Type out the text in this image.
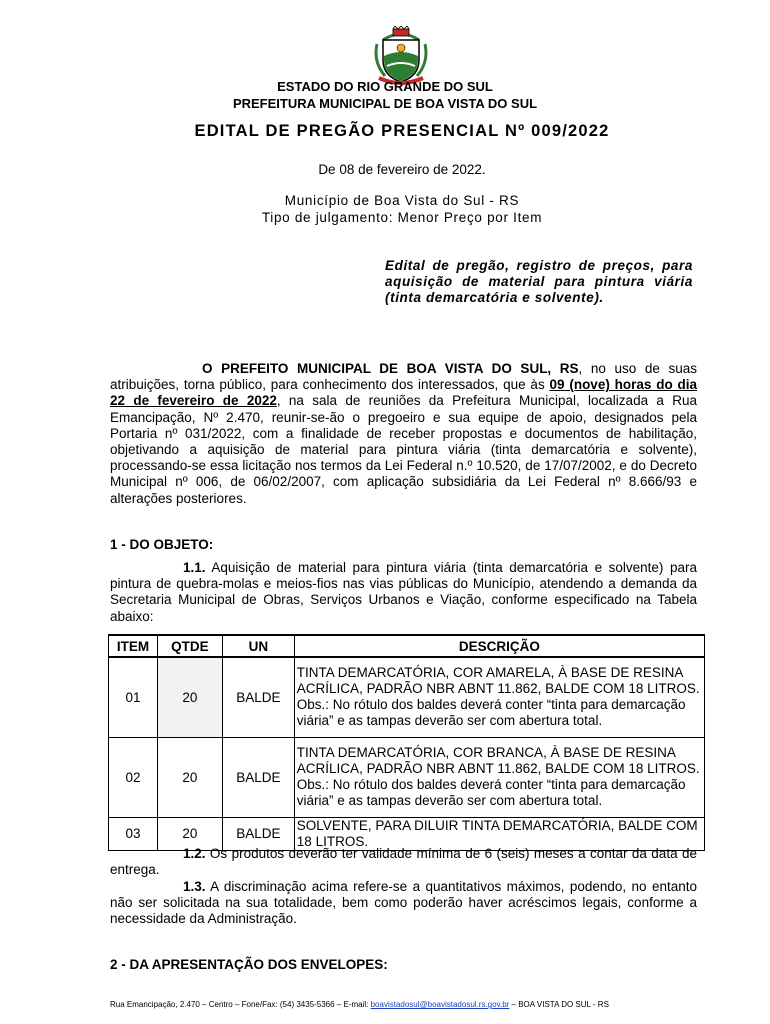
ESTADO DO RIO GRANDE DO SUL
PREFEITURA MUNICIPAL DE BOA VISTA DO SUL
EDITAL DE PREGÃO PRESENCIAL Nº 009/2022
De 08 de fevereiro de 2022.
Município de Boa Vista do Sul - RS
Tipo de julgamento: Menor Preço por Item
Edital de pregão, registro de preços, para aquisição de material para pintura viária (tinta demarcatória e solvente).
O PREFEITO MUNICIPAL DE BOA VISTA DO SUL, RS, no uso de suas atribuições, torna público, para conhecimento dos interessados, que às 09 (nove) horas do dia 22 de fevereiro de 2022, na sala de reuniões da Prefeitura Municipal, localizada a Rua Emancipação, Nº 2.470, reunir-se-ão o pregoeiro e sua equipe de apoio, designados pela Portaria nº 031/2022, com a finalidade de receber propostas e documentos de habilitação, objetivando a aquisição de material para pintura viária (tinta demarcatória e solvente), processando-se essa licitação nos termos da Lei Federal n.º 10.520, de 17/07/2002, e do Decreto Municipal nº 006, de 06/02/2007, com aplicação subsidiária da Lei Federal nº 8.666/93 e alterações posteriores.
1 - DO OBJETO:
1.1. Aquisição de material para pintura viária (tinta demarcatória e solvente) para pintura de quebra-molas e meios-fios nas vias públicas do Município, atendendo a demanda da Secretaria Municipal de Obras, Serviços Urbanos e Viação, conforme especificado na Tabela abaixo:
ITEM	QTDE	UN	DESCRIÇÃO
01	20	BALDE	TINTA DEMARCATÓRIA, COR AMARELA, À BASE DE RESINA ACRÍLICA, PADRÃO NBR ABNT 11.862, BALDE COM 18 LITROS. Obs.: No rótulo dos baldes deverá conter “tinta para demarcação viária” e as tampas deverão ser com abertura total.
02	20	BALDE	TINTA DEMARCATÓRIA, COR BRANCA, À BASE DE RESINA ACRÍLICA, PADRÃO NBR ABNT 11.862, BALDE COM 18 LITROS. Obs.: No rótulo dos baldes deverá conter “tinta para demarcação viária” e as tampas deverão ser com abertura total.
03	20	BALDE	SOLVENTE, PARA DILUIR TINTA DEMARCATÓRIA, BALDE COM 18 LITROS.
1.2. Os produtos deverão ter validade mínima de 6 (seis) meses a contar da data de entrega.
1.3. A discriminação acima refere-se a quantitativos máximos, podendo, no entanto não ser solicitada na sua totalidade, bem como poderão haver acréscimos legais, conforme a necessidade da Administração.
2 - DA APRESENTAÇÃO DOS ENVELOPES:
Rua Emancipação, 2.470 – Centro – Fone/Fax: (54) 3435-5366 – E-mail: boavistadosul@boavistadosul.rs.gov.br – BOA VISTA DO SUL - RS
